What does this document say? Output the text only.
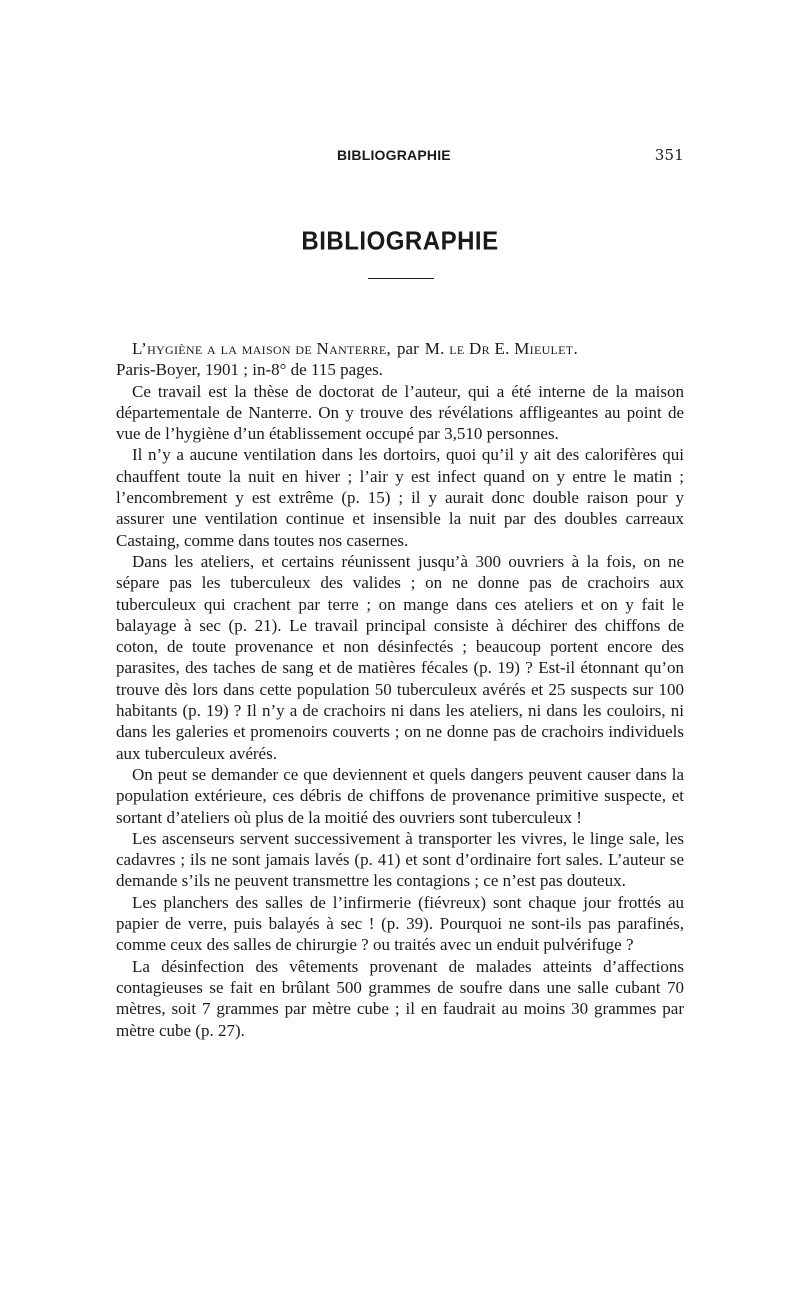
BIBLIOGRAPHIE	351
BIBLIOGRAPHIE

L’hygiène a la maison de Nanterre, par M. le Dr E. Mieulet.
Paris-Boyer, 1901 ; in-8° de 115 pages.

Ce travail est la thèse de doctorat de l’auteur, qui a été interne de la maison départementale de Nanterre. On y trouve des révélations affligeantes au point de vue de l’hygiène d’un établissement occupé par 3,510 personnes.

Il n’y a aucune ventilation dans les dortoirs, quoi qu’il y ait des calorifères qui chauffent toute la nuit en hiver ; l’air y est infect quand on y entre le matin ; l’encombrement y est extrême (p. 15) ; il y aurait donc double raison pour y assurer une ventilation continue et insensible la nuit par des doubles carreaux Castaing, comme dans toutes nos casernes.

Dans les ateliers, et certains réunissent jusqu’à 300 ouvriers à la fois, on ne sépare pas les tuberculeux des valides ; on ne donne pas de crachoirs aux tuberculeux qui crachent par terre ; on mange dans ces ateliers et on y fait le balayage à sec (p. 21). Le travail principal consiste à déchirer des chiffons de coton, de toute provenance et non désinfectés ; beaucoup portent encore des parasites, des taches de sang et de matières fécales (p. 19) ? Est-il étonnant qu’on trouve dès lors dans cette population 50 tuberculeux avérés et 25 suspects sur 100 habitants (p. 19) ? Il n’y a de crachoirs ni dans les ateliers, ni dans les couloirs, ni dans les galeries et promenoirs couverts ; on ne donne pas de crachoirs individuels aux tuberculeux avérés.

On peut se demander ce que deviennent et quels dangers peuvent causer dans la population extérieure, ces débris de chiffons de provenance primitive suspecte, et sortant d’ateliers où plus de la moitié des ouvriers sont tuberculeux !

Les ascenseurs servent successivement à transporter les vivres, le linge sale, les cadavres ; ils ne sont jamais lavés (p. 41) et sont d’ordinaire fort sales. L’auteur se demande s’ils ne peuvent transmettre les contagions ; ce n’est pas douteux.

Les planchers des salles de l’infirmerie (fiévreux) sont chaque jour frottés au papier de verre, puis balayés à sec ! (p. 39). Pourquoi ne sont-ils pas parafinés, comme ceux des salles de chirurgie ? ou traités avec un enduit pulvérifuge ?

La désinfection des vêtements provenant de malades atteints d’affections contagieuses se fait en brûlant 500 grammes de soufre dans une salle cubant 70 mètres, soit 7 grammes par mètre cube ; il en faudrait au moins 30 grammes par mètre cube (p. 27).
